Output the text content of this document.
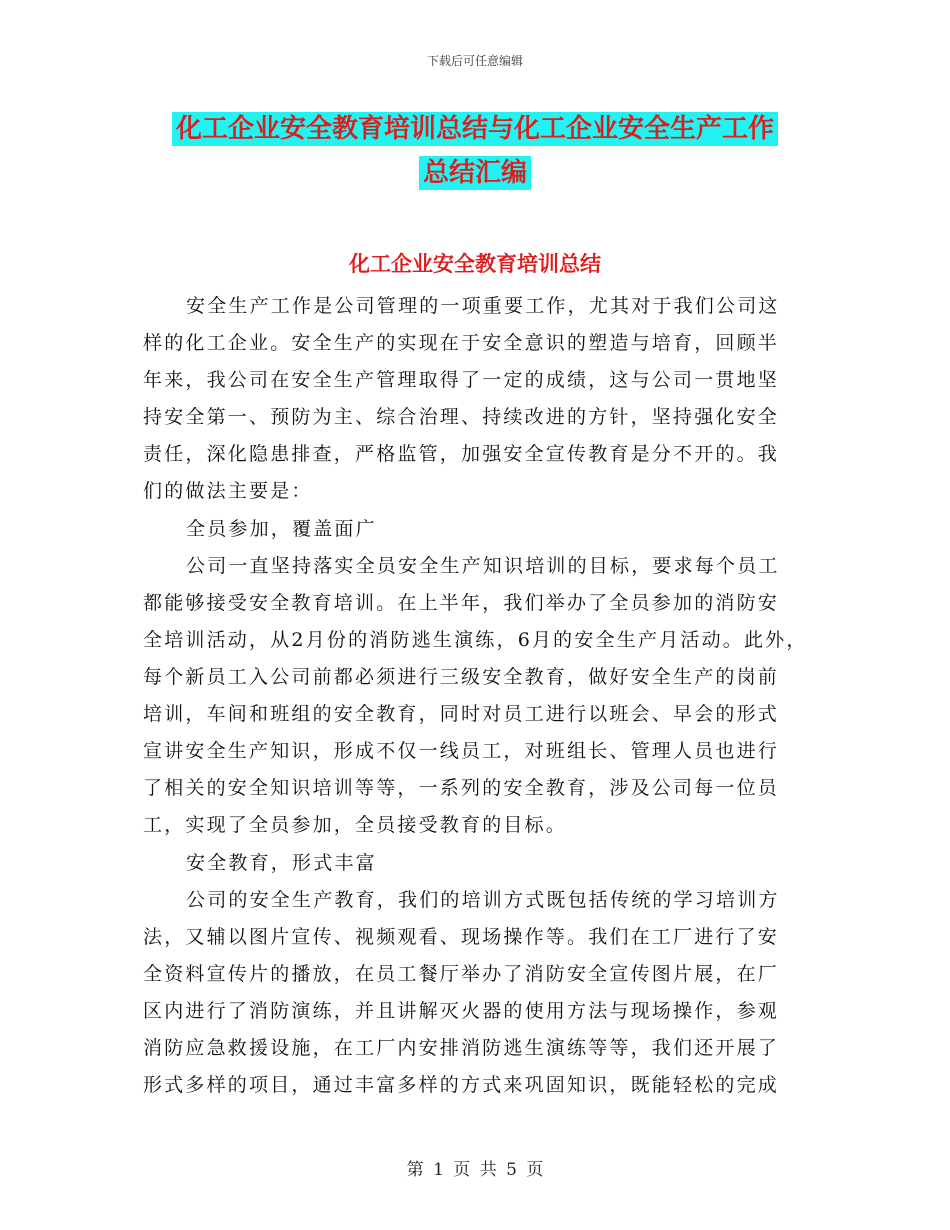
下载后可任意编辑
化工企业安全教育培训总结与化工企业安全生产工作
总结汇编
化工企业安全教育培训总结
安全生产工作是公司管理的一项重要工作，尤其对于我们公司这
样的化工企业。安全生产的实现在于安全意识的塑造与培育，回顾半
年来，我公司在安全生产管理取得了一定的成绩，这与公司一贯地坚
持安全第一、预防为主、综合治理、持续改进的方针，坚持强化安全
责任，深化隐患排查，严格监管，加强安全宣传教育是分不开的。我
们的做法主要是：
全员参加，覆盖面广
公司一直坚持落实全员安全生产知识培训的目标，要求每个员工
都能够接受安全教育培训。在上半年，我们举办了全员参加的消防安
全培训活动，从2月份的消防逃生演练，6月的安全生产月活动。此外，
每个新员工入公司前都必须进行三级安全教育，做好安全生产的岗前
培训，车间和班组的安全教育，同时对员工进行以班会、早会的形式
宣讲安全生产知识，形成不仅一线员工，对班组长、管理人员也进行
了相关的安全知识培训等等，一系列的安全教育，涉及公司每一位员
工，实现了全员参加，全员接受教育的目标。
安全教育，形式丰富
公司的安全生产教育，我们的培训方式既包括传统的学习培训方
法，又辅以图片宣传、视频观看、现场操作等。我们在工厂进行了安
全资料宣传片的播放，在员工餐厅举办了消防安全宣传图片展，在厂
区内进行了消防演练，并且讲解灭火器的使用方法与现场操作，参观
消防应急救援设施，在工厂内安排消防逃生演练等等，我们还开展了
形式多样的项目，通过丰富多样的方式来巩固知识，既能轻松的完成
第 1 页 共 5 页
